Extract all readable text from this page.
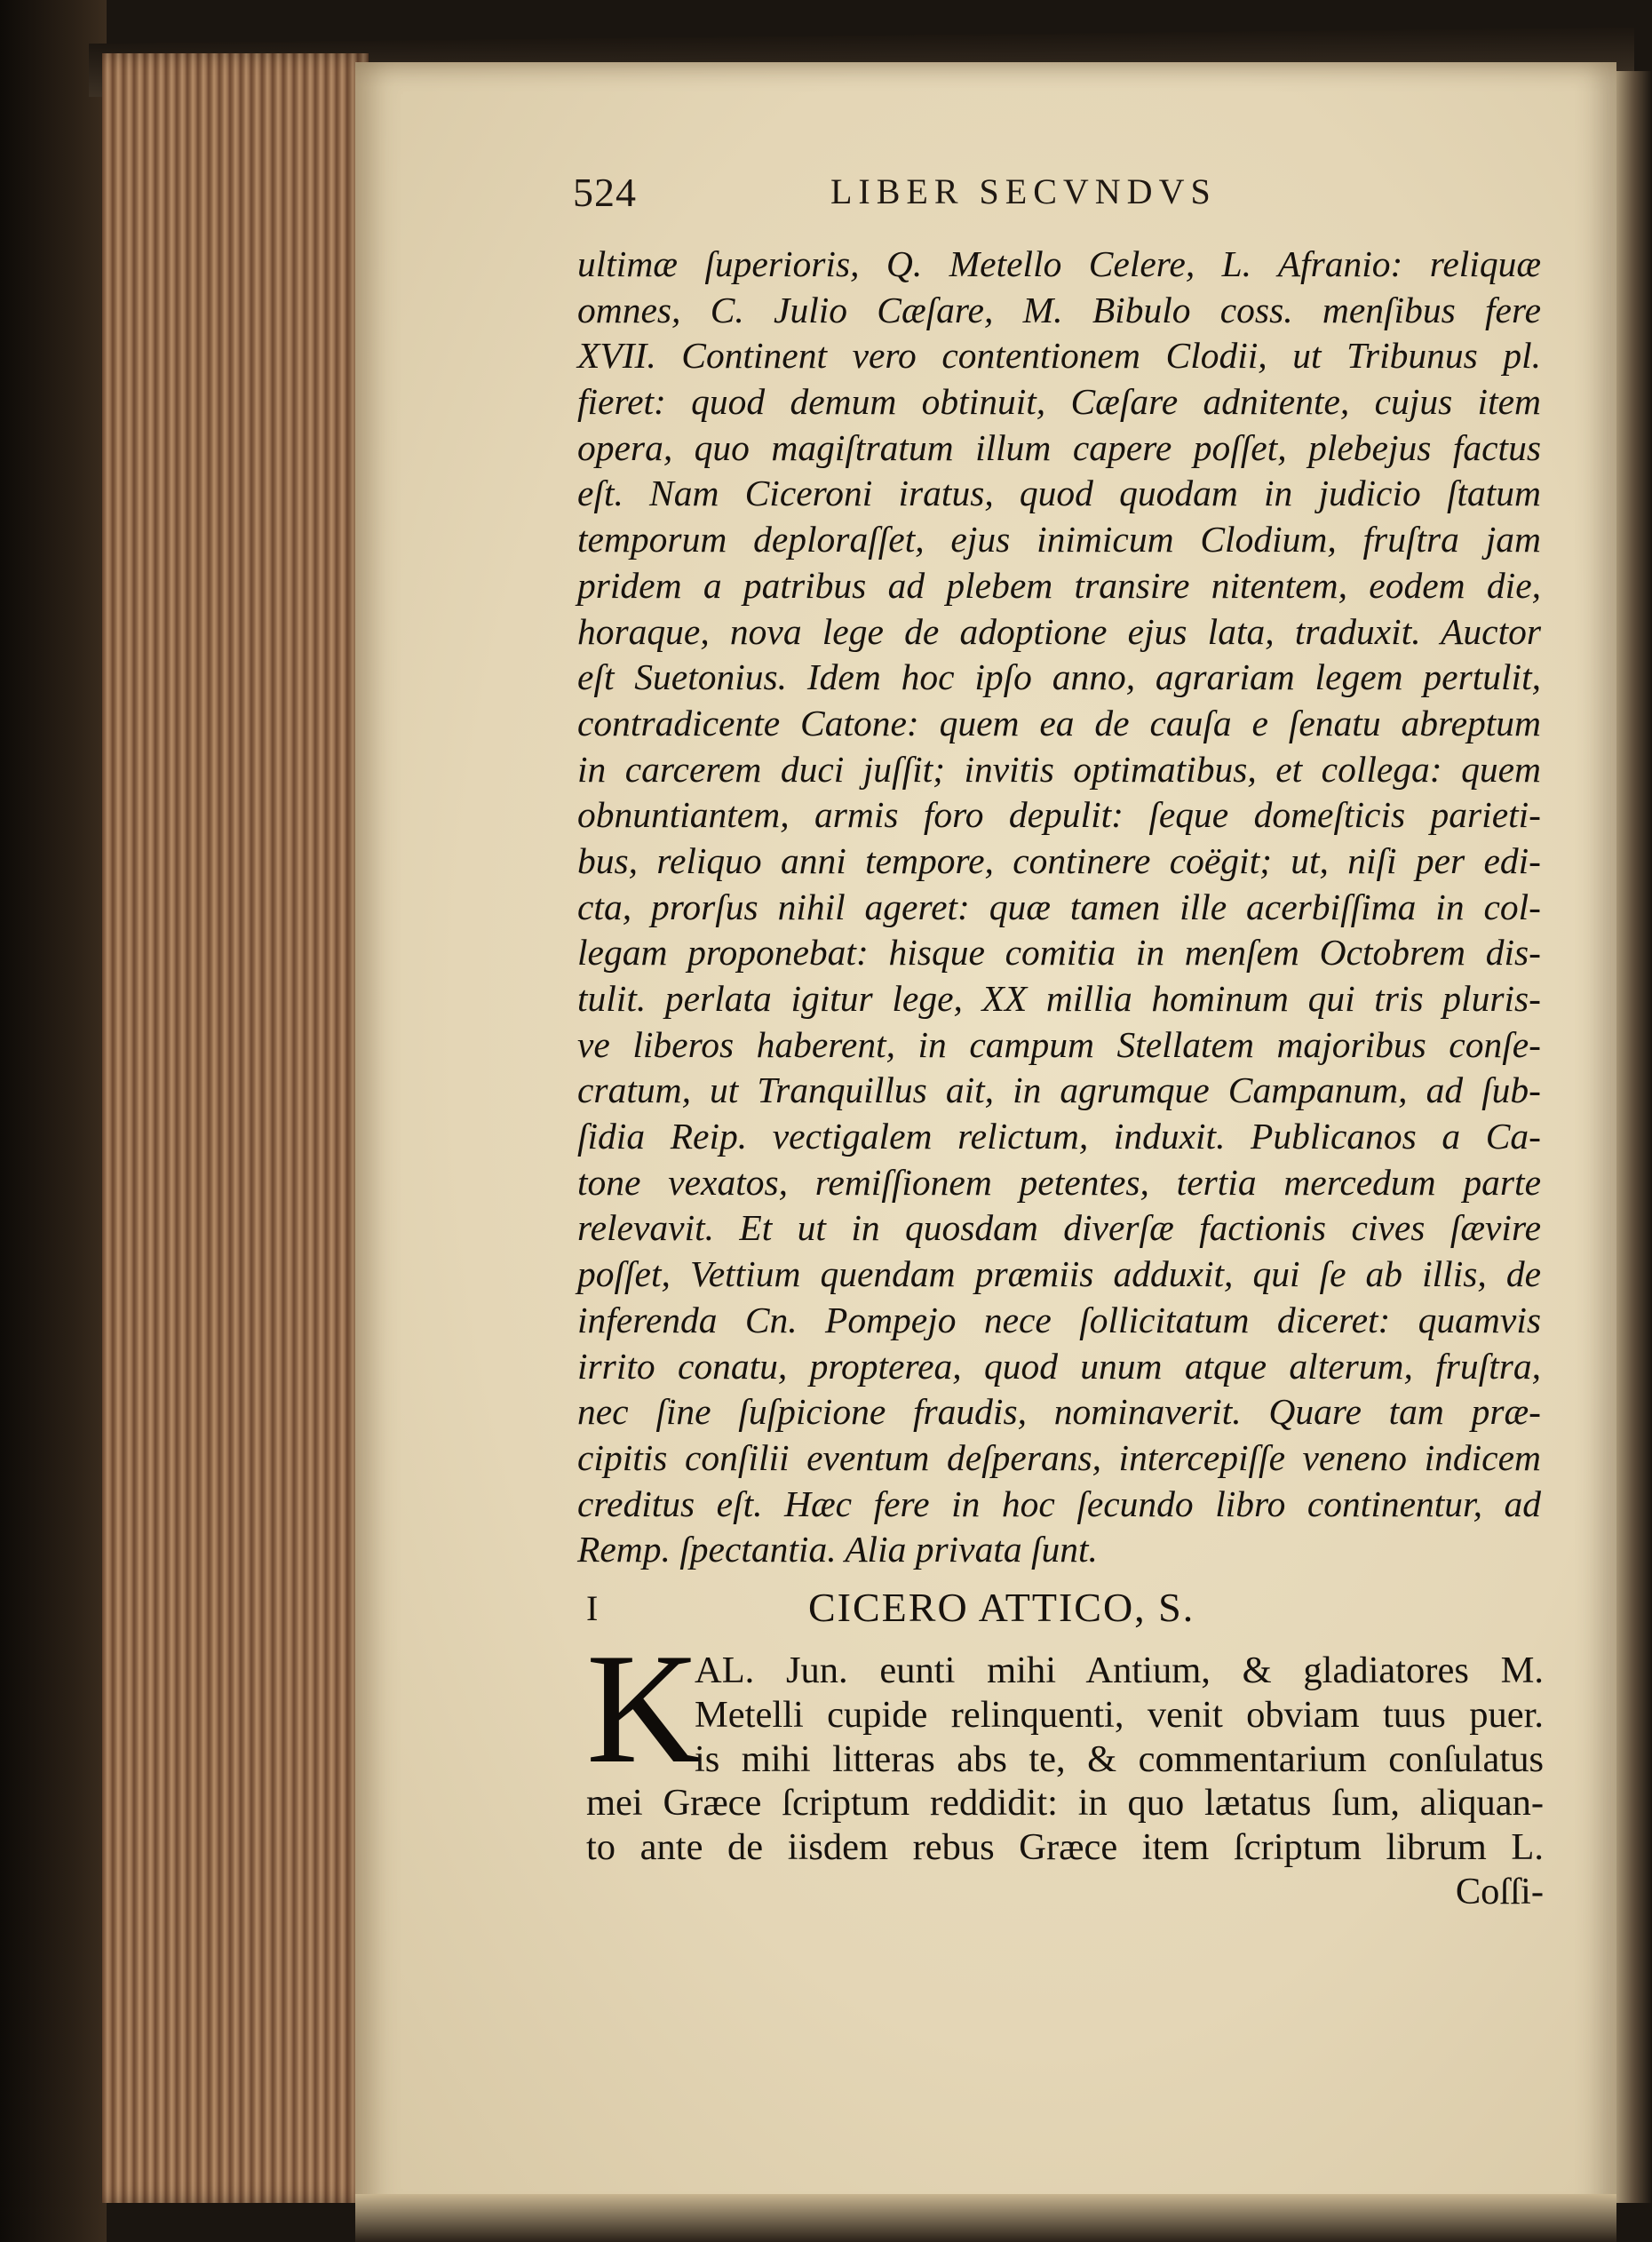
524	LIBER SECVNDVS
ultimæ ſuperioris, Q. Metello Celere, L. Afranio: reliquæ
omnes, C. Julio Cæſare, M. Bibulo coss. menſibus fere
XVII. Continent vero contentionem Clodii, ut Tribunus pl.
fieret: quod demum obtinuit, Cæſare adnitente, cujus item
opera, quo magiſtratum illum capere poſſet, plebejus factus
eſt. Nam Ciceroni iratus, quod quodam in judicio ſtatum
temporum deploraſſet, ejus inimicum Clodium, fruſtra jam
pridem a patribus ad plebem transire nitentem, eodem die,
horaque, nova lege de adoptione ejus lata, traduxit. Auctor
eſt Suetonius. Idem hoc ipſo anno, agrariam legem pertulit,
contradicente Catone: quem ea de cauſa e ſenatu abreptum
in carcerem duci juſſit; invitis optimatibus, et collega: quem
obnuntiantem, armis foro depulit: ſeque domeſticis parieti-
bus, reliquo anni tempore, continere coëgit; ut, niſi per edi-
cta, prorſus nihil ageret: quæ tamen ille acerbiſſima in col-
legam proponebat: hisque comitia in menſem Octobrem dis-
tulit. perlata igitur lege, XX millia hominum qui tris pluris-
ve liberos haberent, in campum Stellatem majoribus conſe-
cratum, ut Tranquillus ait, in agrumque Campanum, ad ſub-
ſidia Reip. vectigalem relictum, induxit. Publicanos a Ca-
tone vexatos, remiſſionem petentes, tertia mercedum parte
relevavit. Et ut in quosdam diverſæ factionis cives ſævire
poſſet, Vettium quendam præmiis adduxit, qui ſe ab illis, de
inferenda Cn. Pompejo nece ſollicitatum diceret: quamvis
irrito conatu, propterea, quod unum atque alterum, fruſtra,
nec ſine ſuſpicione fraudis, nominaverit. Quare tam præ-
cipitis conſilii eventum deſperans, intercepiſſe veneno indicem
creditus eſt. Hæc fere in hoc ſecundo libro continentur, ad
Remp. ſpectantia. Alia privata ſunt.
I	CICERO ATTICO, S.
K
AL. Jun. eunti mihi Antium, & gladiatores M.
Metelli cupide relinquenti, venit obviam tuus puer.
is mihi litteras abs te, & commentarium conſulatus
mei Græce ſcriptum reddidit: in quo lætatus ſum, aliquan-
to ante de iisdem rebus Græce item ſcriptum librum L.
Coſſi-
